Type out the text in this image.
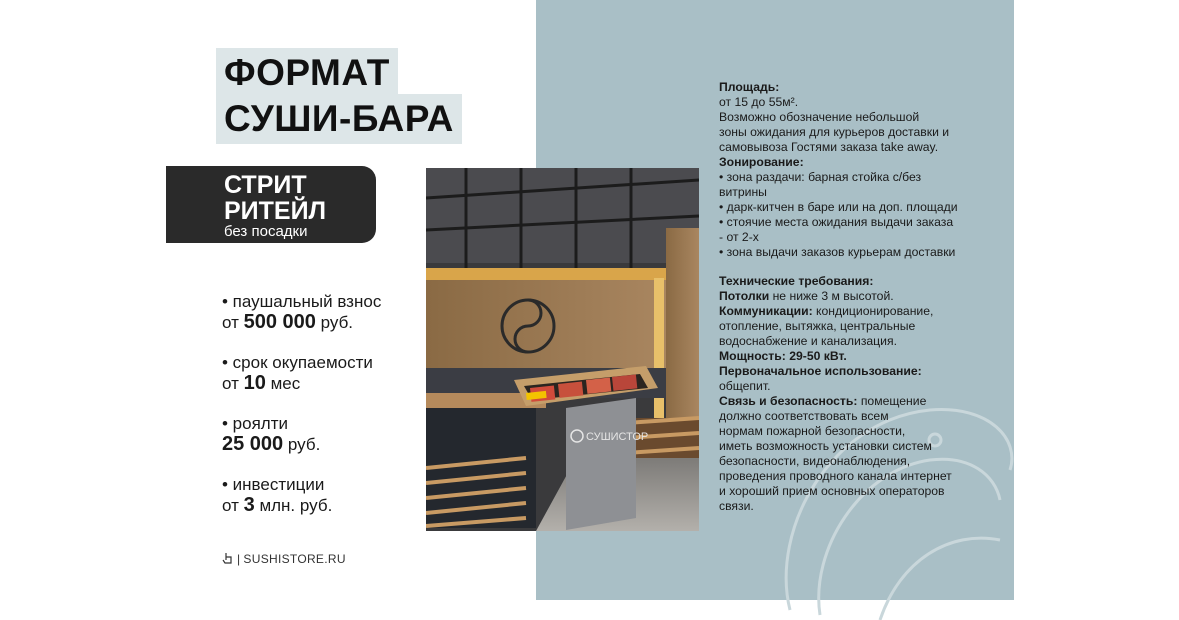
ФОРМАТ
СУШИ-БАРА
СТРИТ
РИТЕЙЛ
без посадки
• паушальный взнос
от 500 000 руб.
• срок окупаемости
от 10 мес
• роялти
25 000 руб.
• инвестиции
от 3 млн. руб.
| SUSHISTORE.RU
СУШИСТОР
Площадь:
от 15 до 55м².
Возможно обозначение небольшой
зоны ожидания для курьеров доставки и
самовывоза Гостями заказа take away.
Зонирование:
• зона раздачи: барная стойка с/без
витрины
• дарк-китчен в баре или на доп. площади
• стоячие места ожидания выдачи заказа
- от 2-х
• зона выдачи заказов курьерам доставки
Технические требования:
Потолки не ниже 3 м высотой.
Коммуникации: кондиционирование,
отопление, вытяжка, центральные
водоснабжение и канализация.
Мощность: 29-50 кВт.
Первоначальное использование:
общепит.
Связь и безопасность: помещение
должно соответствовать всем
нормам пожарной безопасности,
иметь возможность установки систем
безопасности, видеонаблюдения,
проведения проводного канала интернет
и хороший прием основных операторов
связи.
